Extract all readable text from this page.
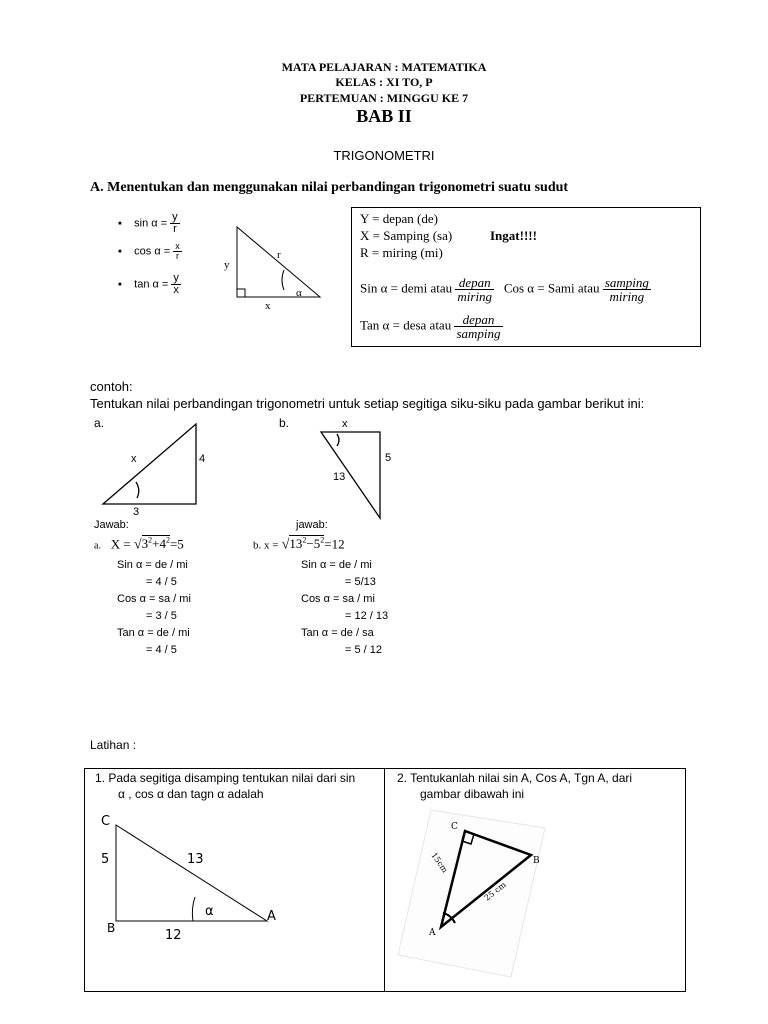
MATA PELAJARAN : MATEMATIKA
KELAS : XI TO, P
PERTEMUAN : MINGGU KE 7
BAB II
TRIGONOMETRI
A. Menentukan dan menggunakan nilai perbandingan trigonometri suatu sudut
▪ $\sin \alpha = \frac{y}{r}$
▪ $\cos \alpha = \frac{x}{r}$
▪ $\tan \alpha = \frac{y}{x}$
y
r
x
α
Y = depan (de)
X = Samping (sa)	Ingat!!!!
R = miring (mi)
Sin α = demi atau $\frac{\text{depan}}{\text{miring}}$ Cos α = Sami atau $\frac{\text{samping}}{\text{miring}}$
Tan α = desa atau $\frac{\text{depan}}{\text{samping}}$
contoh:
Tentukan nilai perbandingan trigonometri untuk setiap segitiga siku-siku pada gambar berikut ini:
a.	b.
x	4
3
x
5
13
Jawab:
a. $X = √3^2+4^2=5$
Sin α = de / mi
= 4 / 5
Cos α = sa / mi
= 3 / 5
Tan α = de / mi
= 4 / 5
jawab:
b. $x = √13^2-5^2=12$
Sin α = de / mi
= 5/13
Cos α = sa / mi
= 12 / 13
Tan α = de / sa
= 5 / 12
Latihan :
1. Pada segitiga disamping tentukan nilai dari sin
α , cos α dan tagn α adalah
C
5	13
α	A
B	12
2. Tentukanlah nilai sin A, Cos A, Tgn A, dari
gambar dibawah ini
C
B
A
15cm
25 cm
